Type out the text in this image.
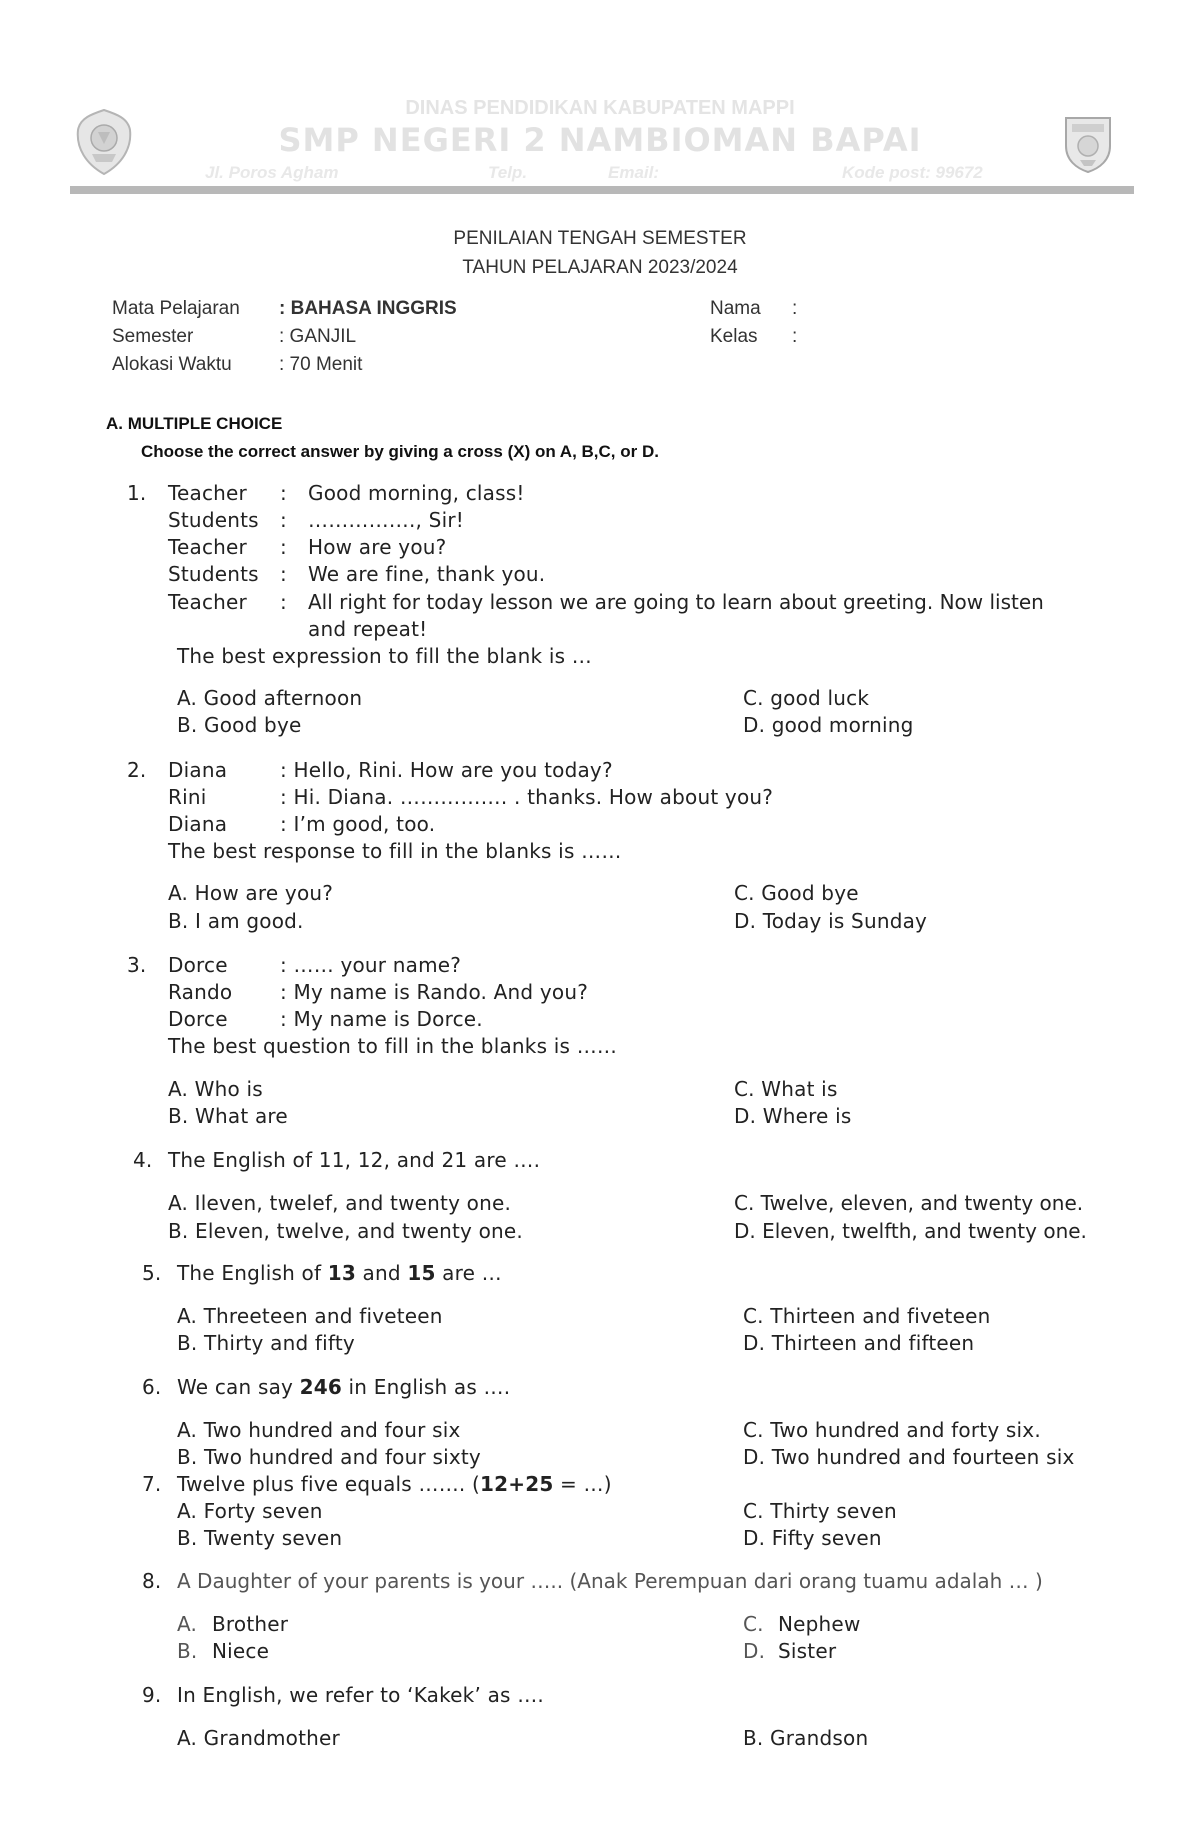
DINAS PENDIDIKAN KABUPATEN MAPPI
SMP NEGERI 2 NAMBIOMAN BAPAI
Jl. Poros Agham	Telp.	Email:	Kode post: 99672
PENILAIAN TENGAH SEMESTER
TAHUN PELAJARAN 2023/2024
Mata Pelajaran : BAHASA INGGRIS
Semester	: GANJIL
Alokasi Waktu : 70 Menit
Nama :
Kelas :
A. MULTIPLE CHOICE
Choose the correct answer by giving a cross (X) on A, B,C, or D.
1. Teacher : Good morning, class!
Students : ……………., Sir!
Teacher : How are you?
Students : We are fine, thank you.
Teacher : All right for today lesson we are going to learn about greeting. Now listen
and repeat!
The best expression to fill the blank is …
A. Good afternoon
B. Good bye
C. good luck
D. good morning
2. Diana	: Hello, Rini. How are you today?
Rini	: Hi. Diana. ……………. . thanks. How about you?
Diana	: I’m good, too.
The best response to fill in the blanks is ……
A. How are you?
B. I am good.
C. Good bye
D. Today is Sunday
3. Dorce	: …… your name?
Rando : My name is Rando. And you?
Dorce	: My name is Dorce.
The best question to fill in the blanks is ……
A. Who is
B. What are
C. What is
D. Where is
4. The English of 11, 12, and 21 are ….
A. Ileven, twelef, and twenty one.
B. Eleven, twelve, and twenty one.
C. Twelve, eleven, and twenty one.
D. Eleven, twelfth, and twenty one.
5. The English of 13 and 15 are …
A. Threeteen and fiveteen
B. Thirty and fifty
C. Thirteen and fiveteen
D. Thirteen and fifteen
6. We can say 246 in English as ….
A. Two hundred and four six
B. Two hundred and four sixty
C. Two hundred and forty six.
D. Two hundred and fourteen six
7. Twelve plus five equals ……. (12+25 = …)
A. Forty seven
B. Twenty seven
C. Thirty seven
D. Fifty seven
8. A Daughter of your parents is your ….. (Anak Perempuan dari orang tuamu adalah … )
A. Brother
B. Niece
C. Nephew
D. Sister
9. In English, we refer to ‘Kakek’ as ….
A. Grandmother	B. Grandson
